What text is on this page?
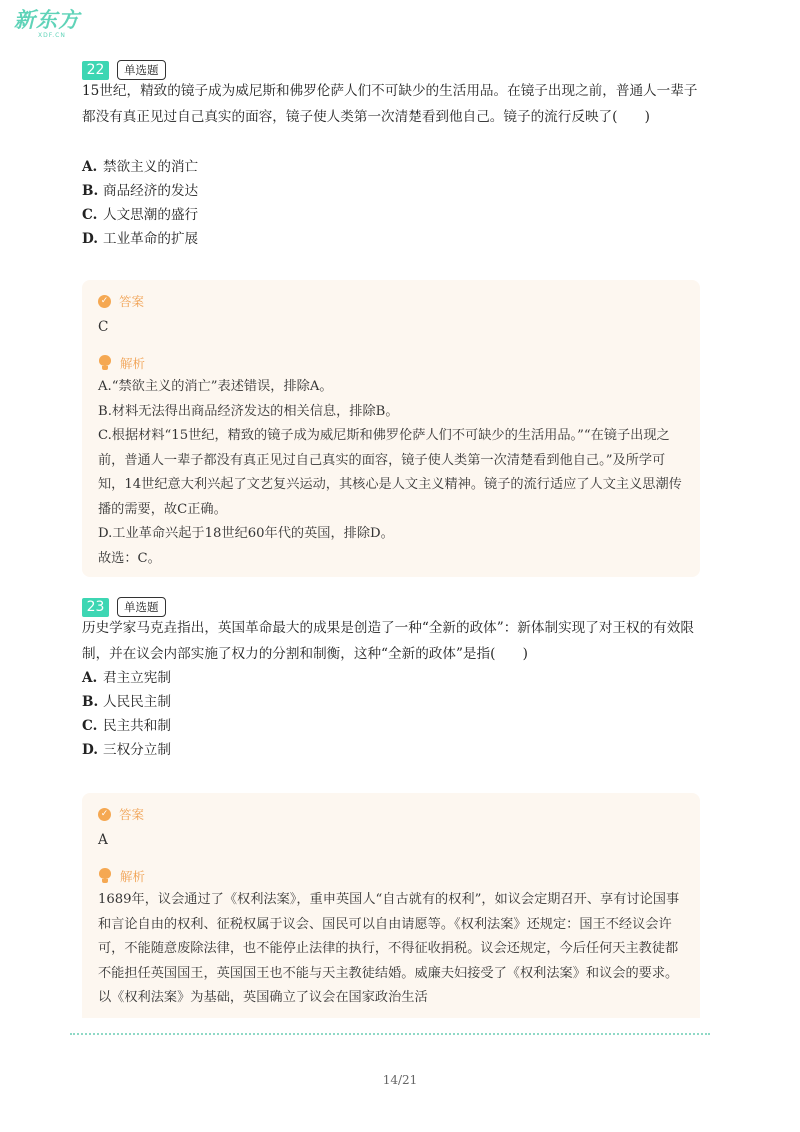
新东方
XDF.CN
22	单选题
15世纪，精致的镜子成为威尼斯和佛罗伦萨人们不可缺少的生活用品。在镜子出现之前，普通人一辈子都没有真正见过自己真实的面容，镜子使人类第一次清楚看到他自己。镜子的流行反映了(　　)
A. 禁欲主义的消亡
B. 商品经济的发达
C. 人文思潮的盛行
D. 工业革命的扩展
✓ 答案
C
解析

A.“禁欲主义的消亡”表述错误，排除A。

B.材料无法得出商品经济发达的相关信息，排除B。

C.根据材料“15世纪，精致的镜子成为威尼斯和佛罗伦萨人们不可缺少的生活用品。”“在镜子出现之前，普通人一辈子都没有真正见过自己真实的面容，镜子使人类第一次清楚看到他自己。”及所学可知，14世纪意大利兴起了文艺复兴运动，其核心是人文主义精神。镜子的流行适应了人文主义思潮传播的需要，故C正确。

D.工业革命兴起于18世纪60年代的英国，排除D。

故选：C。

23	单选题
历史学家马克垚指出，英国革命最大的成果是创造了一种“全新的政体”：新体制实现了对王权的有效限制，并在议会内部实施了权力的分割和制衡，这种“全新的政体”是指(　　)
A. 君主立宪制
B. 人民民主制
C. 民主共和制
D. 三权分立制
✓ 答案
A
解析

1689年，议会通过了《权利法案》，重申英国人“自古就有的权利”，如议会定期召开、享有讨论国事和言论自由的权利、征税权属于议会、国民可以自由请愿等。《权利法案》还规定：国王不经议会许可，不能随意废除法律，也不能停止法律的执行，不得征收捐税。议会还规定，今后任何天主教徒都不能担任英国国王，英国国王也不能与天主教徒结婚。威廉夫妇接受了《权利法案》和议会的要求。以《权利法案》为基础，英国确立了议会在国家政治生活

14/21
